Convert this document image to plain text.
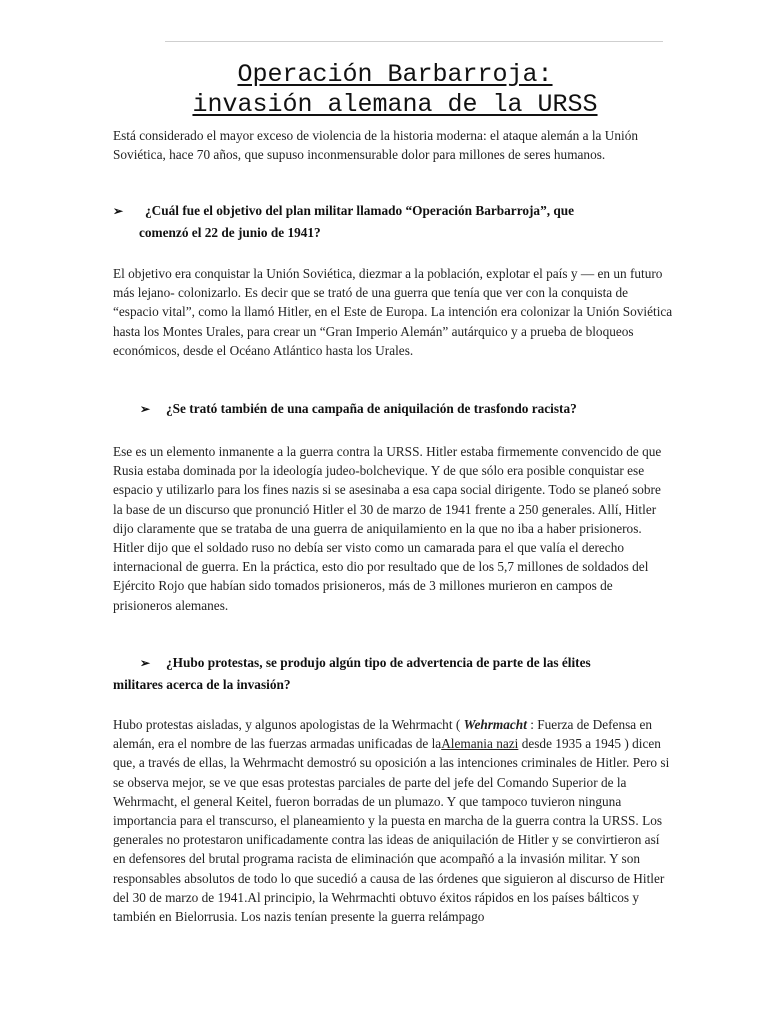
Operación Barbarroja:
invasión alemana de la URSS

Está considerado el mayor exceso de violencia de la historia moderna: el ataque alemán a la Unión Soviética, hace 70 años, que supuso inconmensurable dolor para millones de seres humanos.

➢	¿Cuál fue el objetivo del plan militar llamado “Operación Barbarroja”, que
comenzó el 22 de junio de 1941?

El objetivo era conquistar la Unión Soviética, diezmar a la población, explotar el país y — en un futuro más lejano- colonizarlo. Es decir que se trató de una guerra que tenía que ver con la conquista de “espacio vital”, como la llamó Hitler, en el Este de Europa. La intención era colonizar la Unión Soviética hasta los Montes Urales, para crear un “Gran Imperio Alemán” autárquico y a prueba de bloqueos económicos, desde el Océano Atlántico hasta los Urales.

➢	¿Se trató también de una campaña de aniquilación de trasfondo racista?

Ese es un elemento inmanente a la guerra contra la URSS. Hitler estaba firmemente convencido de que Rusia estaba dominada por la ideología judeo-bolchevique. Y de que sólo era posible conquistar ese espacio y utilizarlo para los fines nazis si se asesinaba a esa capa social dirigente. Todo se planeó sobre la base de un discurso que pronunció Hitler el 30 de marzo de 1941 frente a 250 generales. Allí, Hitler dijo claramente que se trataba de una guerra de aniquilamiento en la que no iba a haber prisioneros. Hitler dijo que el soldado ruso no debía ser visto como un camarada para el que valía el derecho internacional de guerra. En la práctica, esto dio por resultado que de los 5,7 millones de soldados del Ejército Rojo que habían sido tomados prisioneros, más de 3 millones murieron en campos de prisioneros alemanes.

➢	¿Hubo protestas, se produjo algún tipo de advertencia de parte de las élites
militares acerca de la invasión?

Hubo protestas aisladas, y algunos apologistas de la Wehrmacht ( Wehrmacht : Fuerza de Defensa en alemán, era el nombre de las fuerzas armadas unificadas de laAlemania nazi desde 1935 a 1945 ) dicen que, a través de ellas, la Wehrmacht demostró su oposición a las intenciones criminales de Hitler. Pero si se observa mejor, se ve que esas protestas parciales de parte del jefe del Comando Superior de la Wehrmacht, el general Keitel, fueron borradas de un plumazo. Y que tampoco tuvieron ninguna importancia para el transcurso, el planeamiento y la puesta en marcha de la guerra contra la URSS. Los generales no protestaron unificadamente contra las ideas de aniquilación de Hitler y se convirtieron así en defensores del brutal programa racista de eliminación que acompañó a la invasión militar. Y son responsables absolutos de todo lo que sucedió a causa de las órdenes que siguieron al discurso de Hitler del 30 de marzo de 1941.Al principio, la Wehrmachti obtuvo éxitos rápidos en los países bálticos y también en Bielorrusia. Los nazis tenían presente la guerra relámpago
